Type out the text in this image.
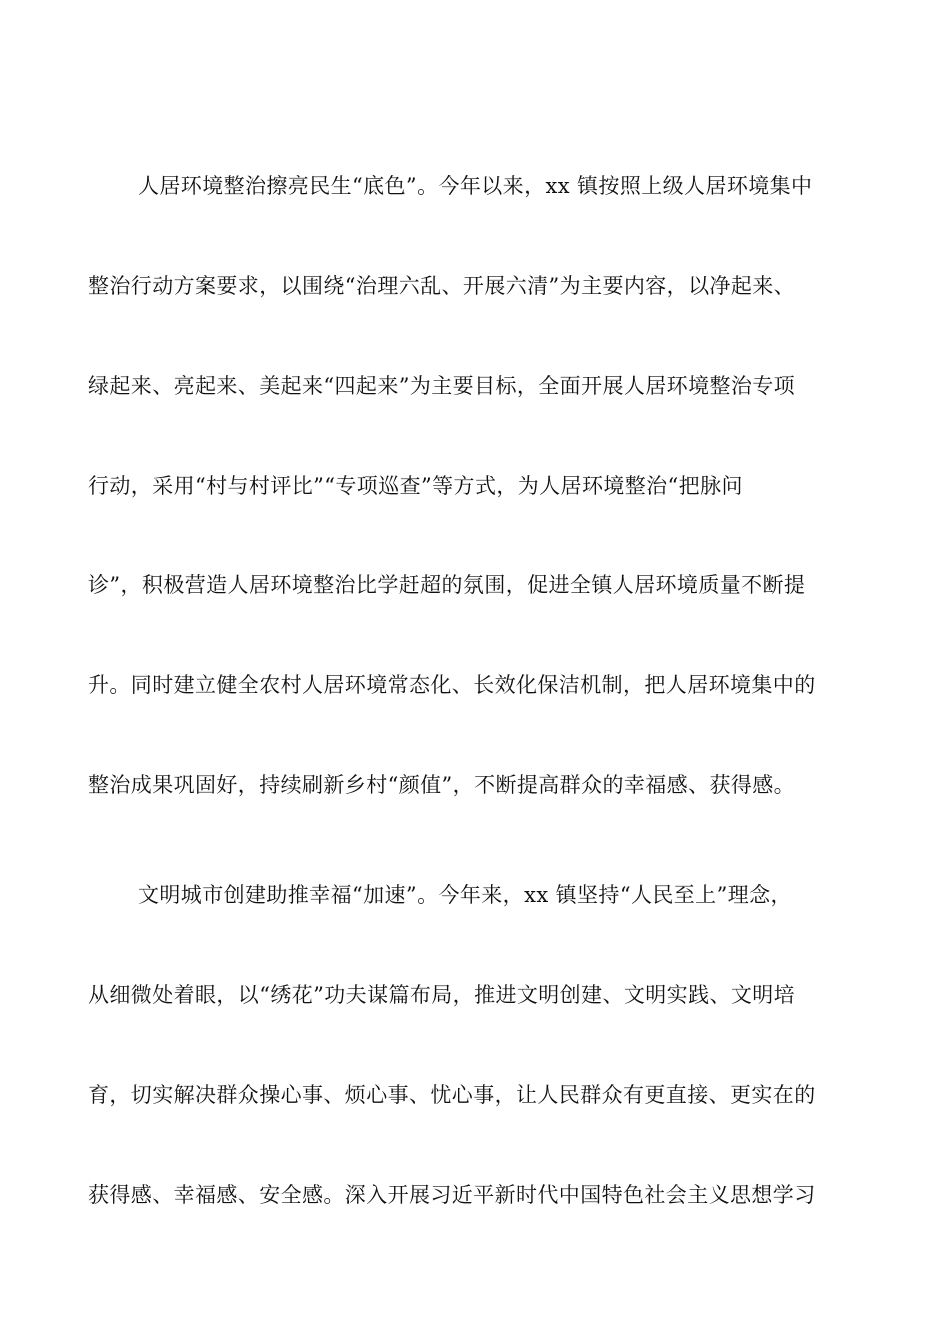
人居环境整治擦亮民生“底色”。今年以来，xx 镇按照上级人居环境集中
整治行动方案要求，以围绕“治理六乱、开展六清”为主要内容，以净起来、
绿起来、亮起来、美起来“四起来”为主要目标，全面开展人居环境整治专项
行动，采用“村与村评比”“专项巡查”等方式，为人居环境整治“把脉问
诊”，积极营造人居环境整治比学赶超的氛围，促进全镇人居环境质量不断提
升。同时建立健全农村人居环境常态化、长效化保洁机制，把人居环境集中的
整治成果巩固好，持续刷新乡村“颜值”，不断提高群众的幸福感、获得感。
文明城市创建助推幸福“加速”。今年来，xx 镇坚持“人民至上”理念，
从细微处着眼，以“绣花”功夫谋篇布局，推进文明创建、文明实践、文明培
育，切实解决群众操心事、烦心事、忧心事，让人民群众有更直接、更实在的
获得感、幸福感、安全感。深入开展习近平新时代中国特色社会主义思想学习
